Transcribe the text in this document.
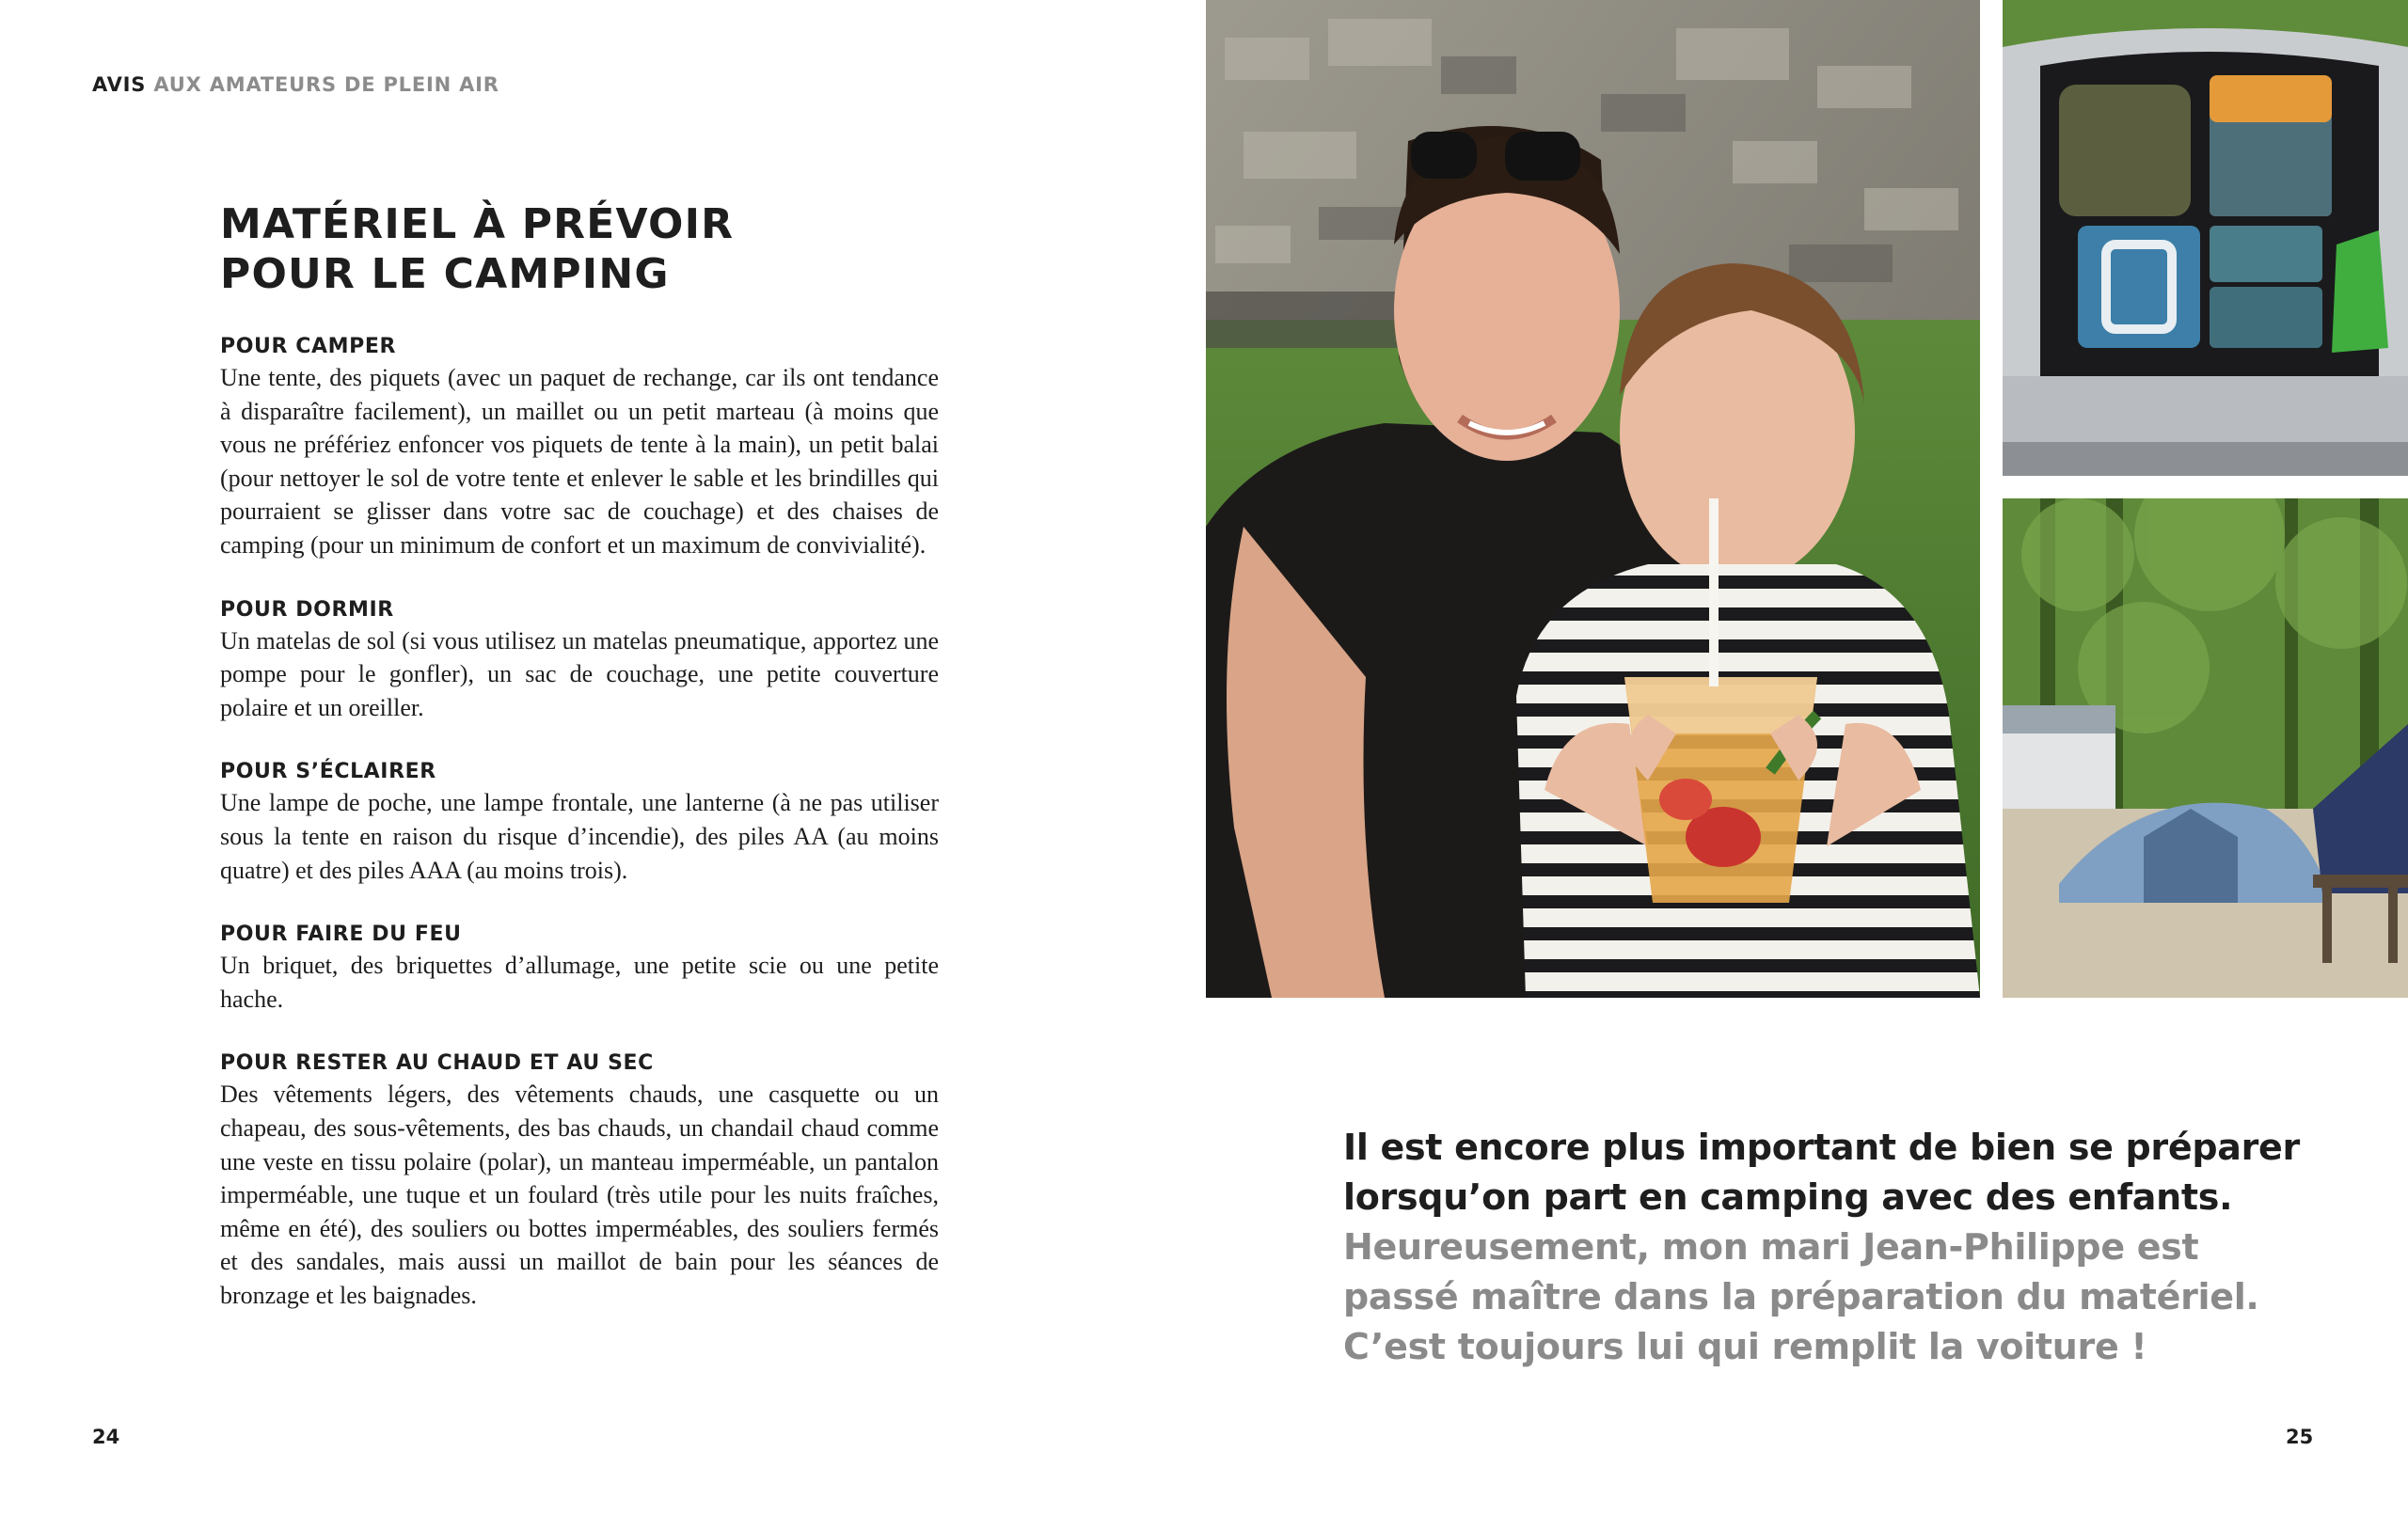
AVIS AUX AMATEURS DE PLEIN AIR
MATÉRIEL À PRÉVOIR
POUR LE CAMPING
POUR CAMPER

Une tente, des piquets (avec un paquet de rechange, car ils ont tendance à disparaître facilement), un maillet ou un petit marteau (à moins que vous ne préfériez enfoncer vos piquets de tente à la main), un petit balai (pour nettoyer le sol de votre tente et enlever le sable et les brindilles qui pourraient se glisser dans votre sac de couchage) et des chaises de camping (pour un minimum de confort et un maximum de convivialité).

POUR DORMIR

Un matelas de sol (si vous utilisez un matelas pneumatique, apportez une pompe pour le gonfler), un sac de couchage, une petite couverture polaire et un oreiller.

POUR S’ÉCLAIRER

Une lampe de poche, une lampe frontale, une lanterne (à ne pas utiliser sous la tente en raison du risque d’incendie), des piles AA (au moins quatre) et des piles AAA (au moins trois).

POUR FAIRE DU FEU

Un briquet, des briquettes d’allumage, une petite scie ou une petite hache.

POUR RESTER AU CHAUD ET AU SEC

Des vêtements légers, des vêtements chauds, une casquette ou un chapeau, des sous-vêtements, des bas chauds, un chandail chaud comme une veste en tissu polaire (polar), un manteau imperméable, un pantalon imperméable, une tuque et un foulard (très utile pour les nuits fraîches, même en été), des souliers ou bottes imperméables, des souliers fermés et des sandales, mais aussi un maillot de bain pour les séances de bronzage et les baignades.

24
Il est encore plus important de bien se préparer lorsqu’on part en camping avec des enfants.
Heureusement, mon mari Jean-Philippe est passé maître dans la préparation du matériel. C’est toujours lui qui remplit la voiture !
25
